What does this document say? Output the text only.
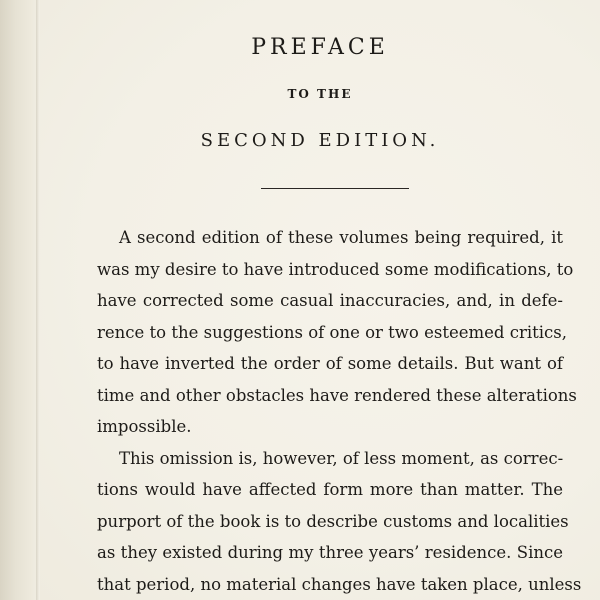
PREFACE
TO THE
SECOND EDITION.
A second edition of these volumes being required, it
was my desire to have introduced some modifications, to
have corrected some casual inaccuracies, and, in defe-
rence to the suggestions of one or two esteemed critics,
to have inverted the order of some details. But want of
time and other obstacles have rendered these alterations
impossible.
This omission is, however, of less moment, as correc-
tions would have affected form more than matter. The
purport of the book is to describe customs and localities
as they existed during my three years’ residence. Since
that period, no material changes have taken place, unless
